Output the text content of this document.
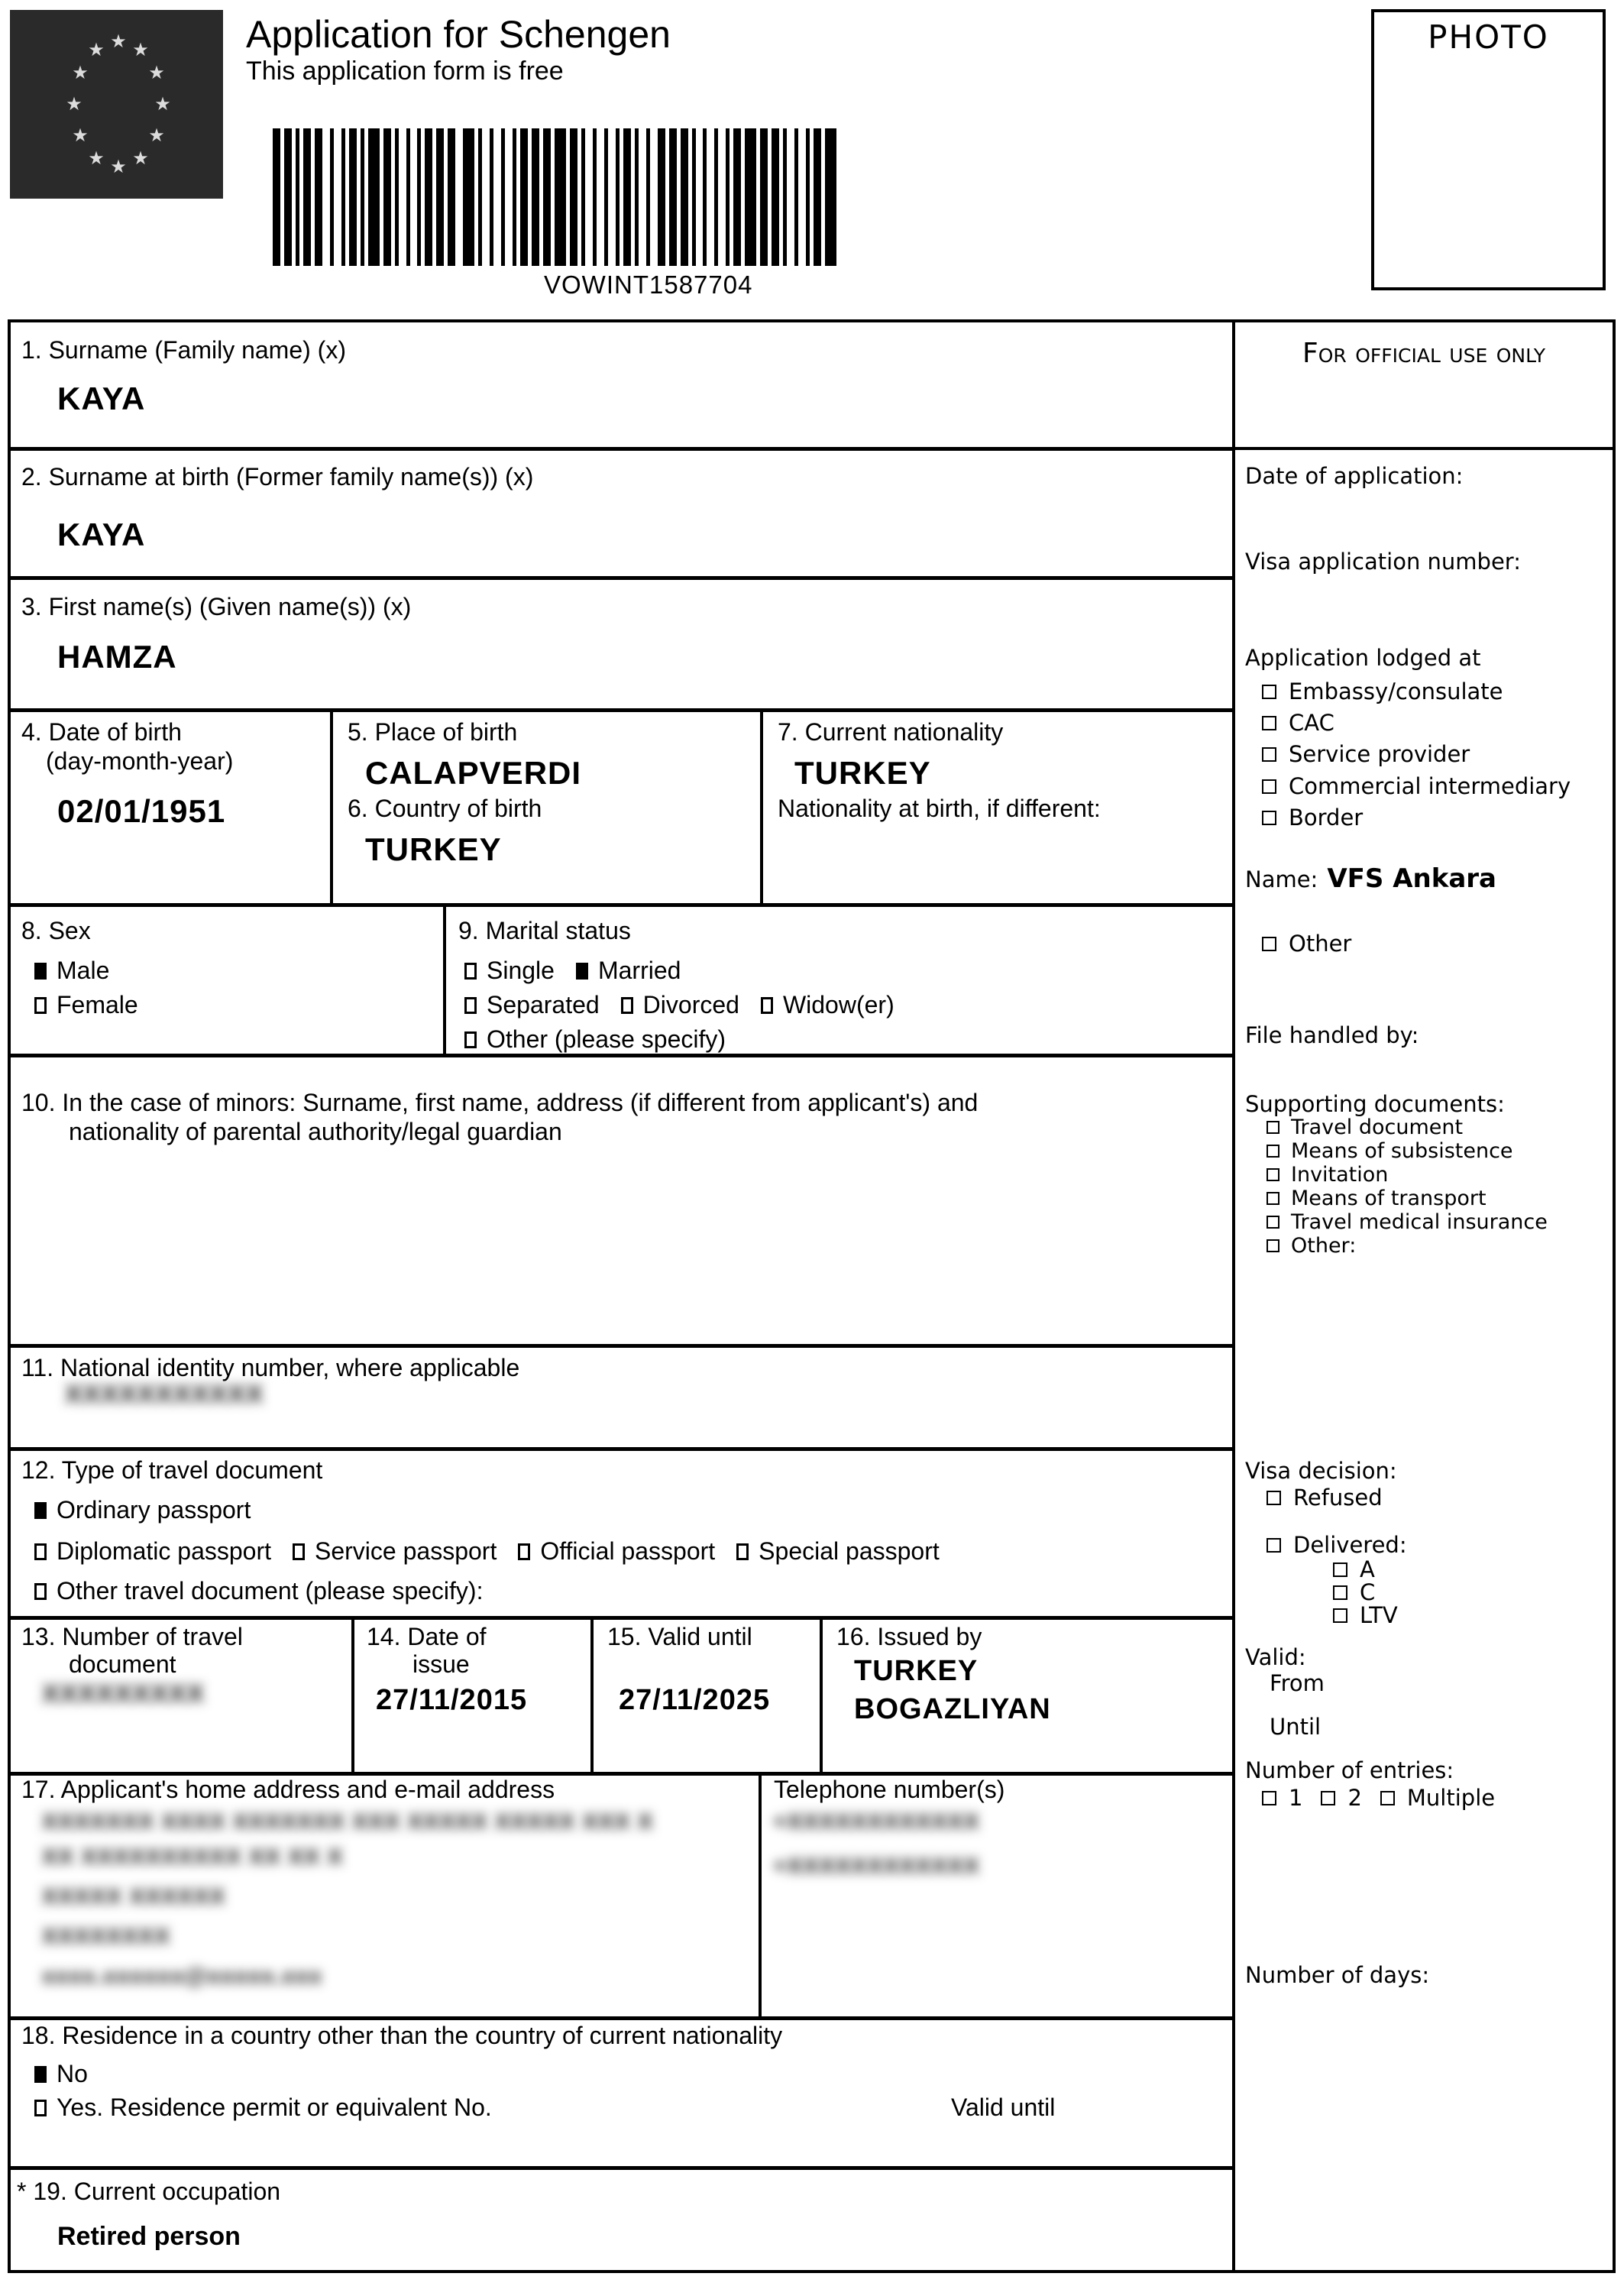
★ ★
★
★
★
★
★
★
★
★
★
★	Application for Schengen
This application form is free
VOWINT1587704
PHOTO
1. Surname (Family name) (x)
KAYA
2. Surname at birth (Former family name(s)) (x)
KAYA
3. First name(s) (Given name(s)) (x)
HAMZA
4. Date of birth
(day-month-year)
02/01/1951
5. Place of birth
CALAPVERDI
6. Country of birth
TURKEY
7. Current nationality
TURKEY
Nationality at birth, if different:
8. Sex
Male
Female
9. Marital status
Single Married
Separated Divorced Widow(er)
Other (please specify)
10. In the case of minors: Surname, first name, address (if different from applicant's) and
nationality of parental authority/legal guardian
11. National identity number, where applicable
XXXXXXXXXXX
12. Type of travel document
Ordinary passport
Diplomatic passport Service passport Official passport Special passport
Other travel document (please specify):
13. Number of travel
document
XXXXXXXXX
14. Date of
issue
27/11/2015
15. Valid until
27/11/2025
16. Issued by
TURKEY
BOGAZLIYAN
17. Applicant's home address and e-mail address
XXXXXXX XXXX XXXXXXX XXX XXXXX XXXXX XXX X
XX XXXXXXXXXX XX XX X
XXXXX XXXXXX
XXXXXXXX
xxxx.xxxxxx@xxxxx.xxx
Telephone number(s)
+XXXXXXXXXXXX
+XXXXXXXXXXXX
18. Residence in a country other than the country of current nationality
No
Yes. Residence permit or equivalent No.	Valid until
* 19. Current occupation
Retired person
For official use only
Date of application:
Visa application number:
Application lodged at
Embassy/consulate
CAC
Service provider
Commercial intermediary
Border
Name: VFS Ankara
Other
File handled by:
Supporting documents:
Travel document
Means of subsistence
Invitation
Means of transport
Travel medical insurance
Other:
Visa decision:
Refused
Delivered:
A
C
LTV
Valid:
From
Until
Number of entries:
1 2 Multiple
Number of days:
